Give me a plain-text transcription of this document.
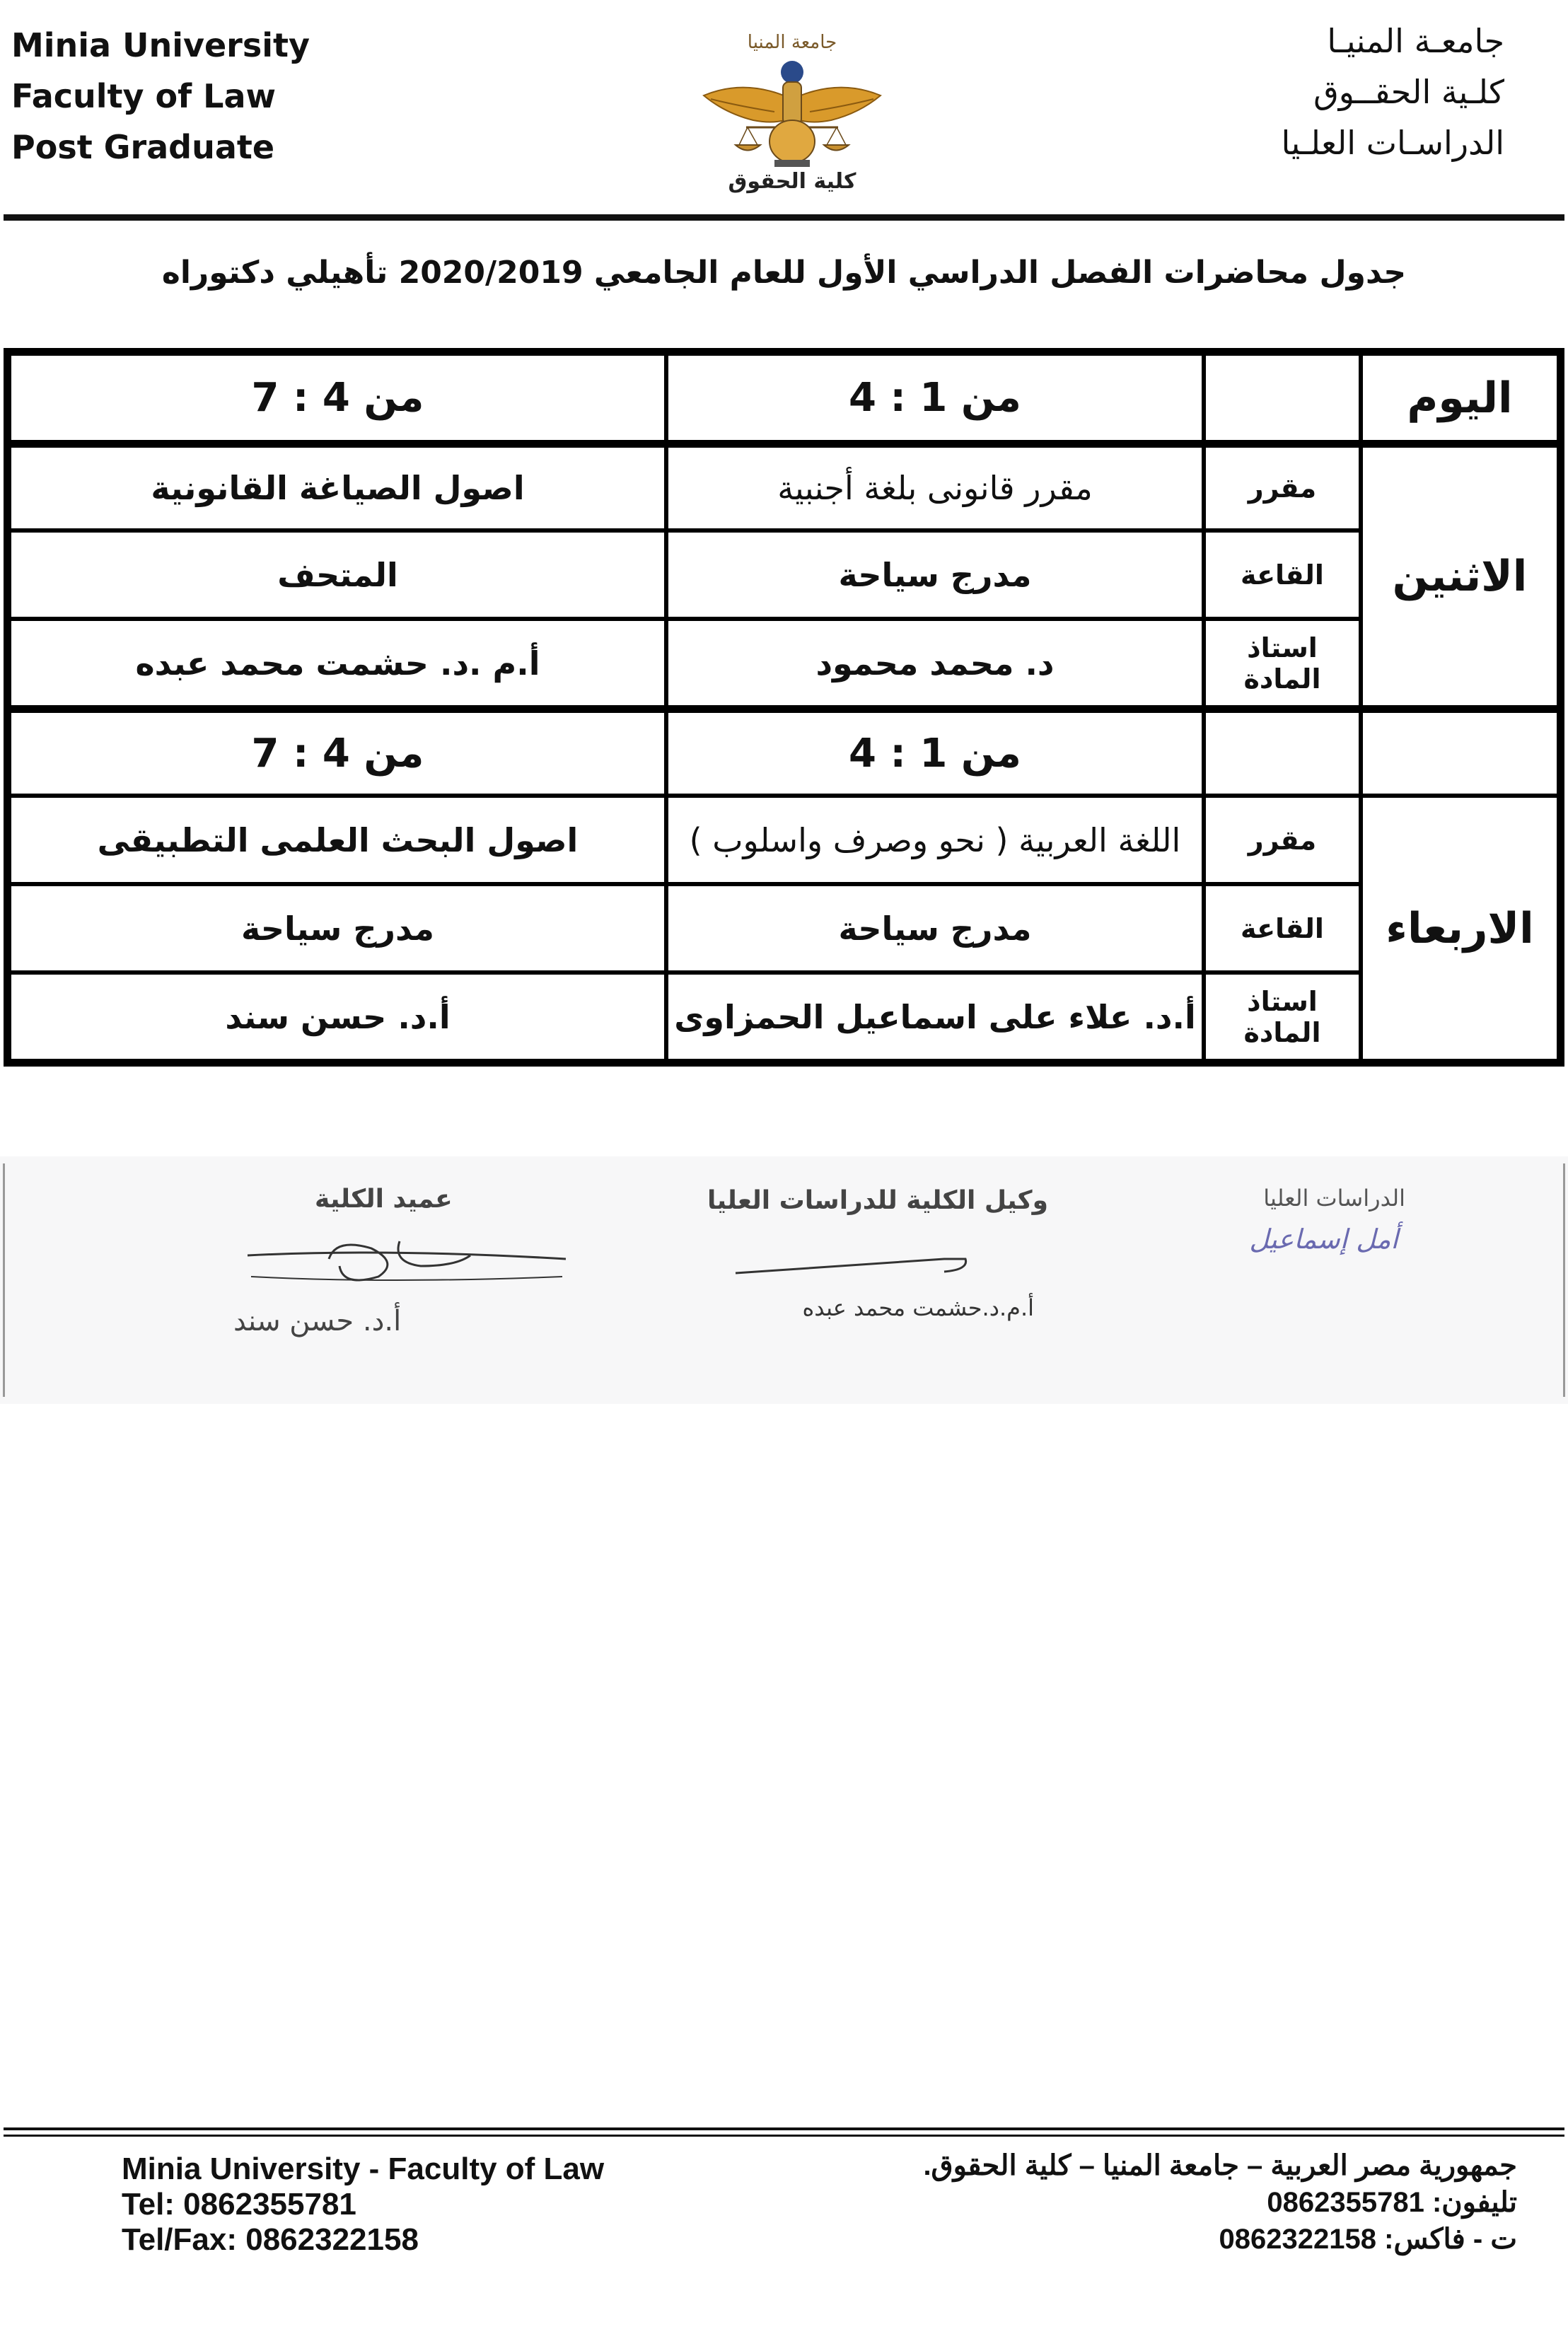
Minia University
Faculty of Law
Post Graduate
جامعة المنيا
كلية الحقوق
جامعـة المنيـا
كلـية الحقــوق
الدراسـات العلـيا
جدول محاضرات الفصل الدراسي الأول للعام الجامعي 2020/2019 تأهيلي دكتوراه
اليوم		من 1 : 4	من 4 : 7
الاثنين	مقرر	مقرر قانونى بلغة أجنبية	اصول الصياغة القانونية
	القاعة	مدرج سياحة	المتحف
	استاذ المادة	د. محمد محمود	أ.م .د. حشمت محمد عبده
		من 1 : 4	من 4 : 7
الاربعاء	مقرر	اللغة العربية ( نحو وصرف واسلوب )	اصول البحث العلمى التطبيقى
	القاعة	مدرج سياحة	مدرج سياحة
	استاذ المادة	أ.د. علاء على اسماعيل الحمزاوى	أ.د. حسن سند
الدراسات العليا
أمل إسماعيل
وكيل الكلية للدراسات العليا
أ.م.د.حشمت محمد عبده
عميد الكلية
أ.د. حسن سند
Minia University - Faculty of Law
Tel: 0862355781
Tel/Fax: 0862322158
جمهورية مصر العربية – جامعة المنيا – كلية الحقوق.
تليفون: 0862355781
ت - فاكس: 0862322158
